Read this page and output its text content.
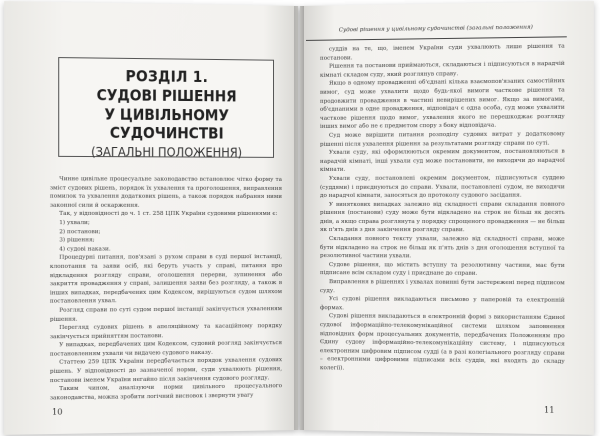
РОЗДІЛ 1.
СУДОВІ РІШЕННЯ
У ЦИВІЛЬНОМУ СУДОЧИНСТВІ
(ЗАГАЛЬНІ ПОЛОЖЕННЯ)

Чинне цивільне процесуальне законодавство встановлює чітко форму та зміст судових рішень, порядок їх ухвалення та проголошення, виправлення помилок та ухвалення додаткових рішень, а також порядок набрання ними законної сили й оскарження.

Так, у відповідності до ч. 1 ст. 258 ЦПК України судовими рішеннями є:

1) ухвали;

2) постанови;

3) рішення;

4) судові накази.

Процедурні питання, пов'язані з рухом справи в суді першої інстанції, клопотання та заяви осіб, які беруть участь у справі, питання про відкладення розгляду справи, оголошення перерви, зупинення або закриття провадження у справі, залишення заяви без розгляду, а також в інших випадках, передбачених цим Кодексом, вирішуються судом шляхом постановлення ухвал.

Розгляд справи по суті судом першої інстанції закінчується ухваленням рішення.

Перегляд судових рішень в апеляційному та касаційному порядку закінчується прийняттям постанови.

У випадках, передбачених цим Кодексом, судовий розгляд закінчується постановленням ухвали чи видачею судового наказу.

Статтею 259 ЦПК України передбачається порядок ухвалення судових рішень. У відповідності до зазначеної норми, суди ухвалюють рішення, постанови іменем України негайно після закінчення судового розгляду.

Таким чином, аналізуючи норми цивільного процесуального законодавства, можна зробити логічний висновок і звернути увагу

10
Судові рішення у цивільному судочинстві (загальні положення)

суддів на те, що, іменем України суди ухвалюють лише рішення та постанови.

Рішення та постанови приймаються, складаються і підписуються в нарадчій кімнаті складом суду, який розглянув справу.

Якщо в одному провадженні об'єднані кілька взаємопов'язаних самостійних вимог, суд може ухвалити щодо будь-якої вимоги часткове рішення та продовжити провадження в частині невирішених вимог. Якщо за вимогами, об'єднаними в одне провадження, відповідач є одна особа, суд може ухвалити часткове рішення щодо вимог, ухвалення якого не перешкоджає розгляду інших вимог або не є предметом спору з боку відповідача.

Суд може вирішити питання розподілу судових витрат у додатковому рішенні після ухвалення рішення за результатами розгляду справи по суті.

Ухвали суду, які оформлюються окремим документом, постановляються в нарадчій кімнаті, інші ухвали суд може постановити, не виходячи до нарадчої кімнати.

Ухвали суду, постановлені окремим документом, підписуються суддею (суддями) і приєднуються до справи. Ухвали, постановлені судом, не виходячи до нарадчої кімнати, заносяться до протоколу судового засідання.

У виняткових випадках залежно від складності справи складання повного рішення (постанови) суду може бути відкладено на строк не більш як десять днів, а якщо справа розглянута у порядку спрощеного провадження — не більш як п'ять днів з дня закінчення розгляду справи.

Складання повного тексту ухвали, залежно від складності справи, може бути відкладено на строк не більш як п'ять днів з дня оголошення вступної та резолютивної частини ухвали.

Судове рішення, що містить вступну та резолютивну частини, має бути підписане всім складом суду і приєднане до справи.

Виправлення в рішеннях і ухвалах повинні бути застережені перед підписом суду.

Усі судові рішення викладаються письмово у паперовій та електронній формах.

Судові рішення викладаються в електронній формі з використанням Єдиної судової інформаційно-телекомунікаційної системи шляхом заповнення відповідних форм процесуальних документів, передбачених Положенням про Єдину судову інформаційно-телекомунікаційну систему, і підписуються електронним цифровим підписом судді (а в разі колегіального розгляду справи – електронними цифровими підписами всіх суддів, які входять до складу колегії).

11
